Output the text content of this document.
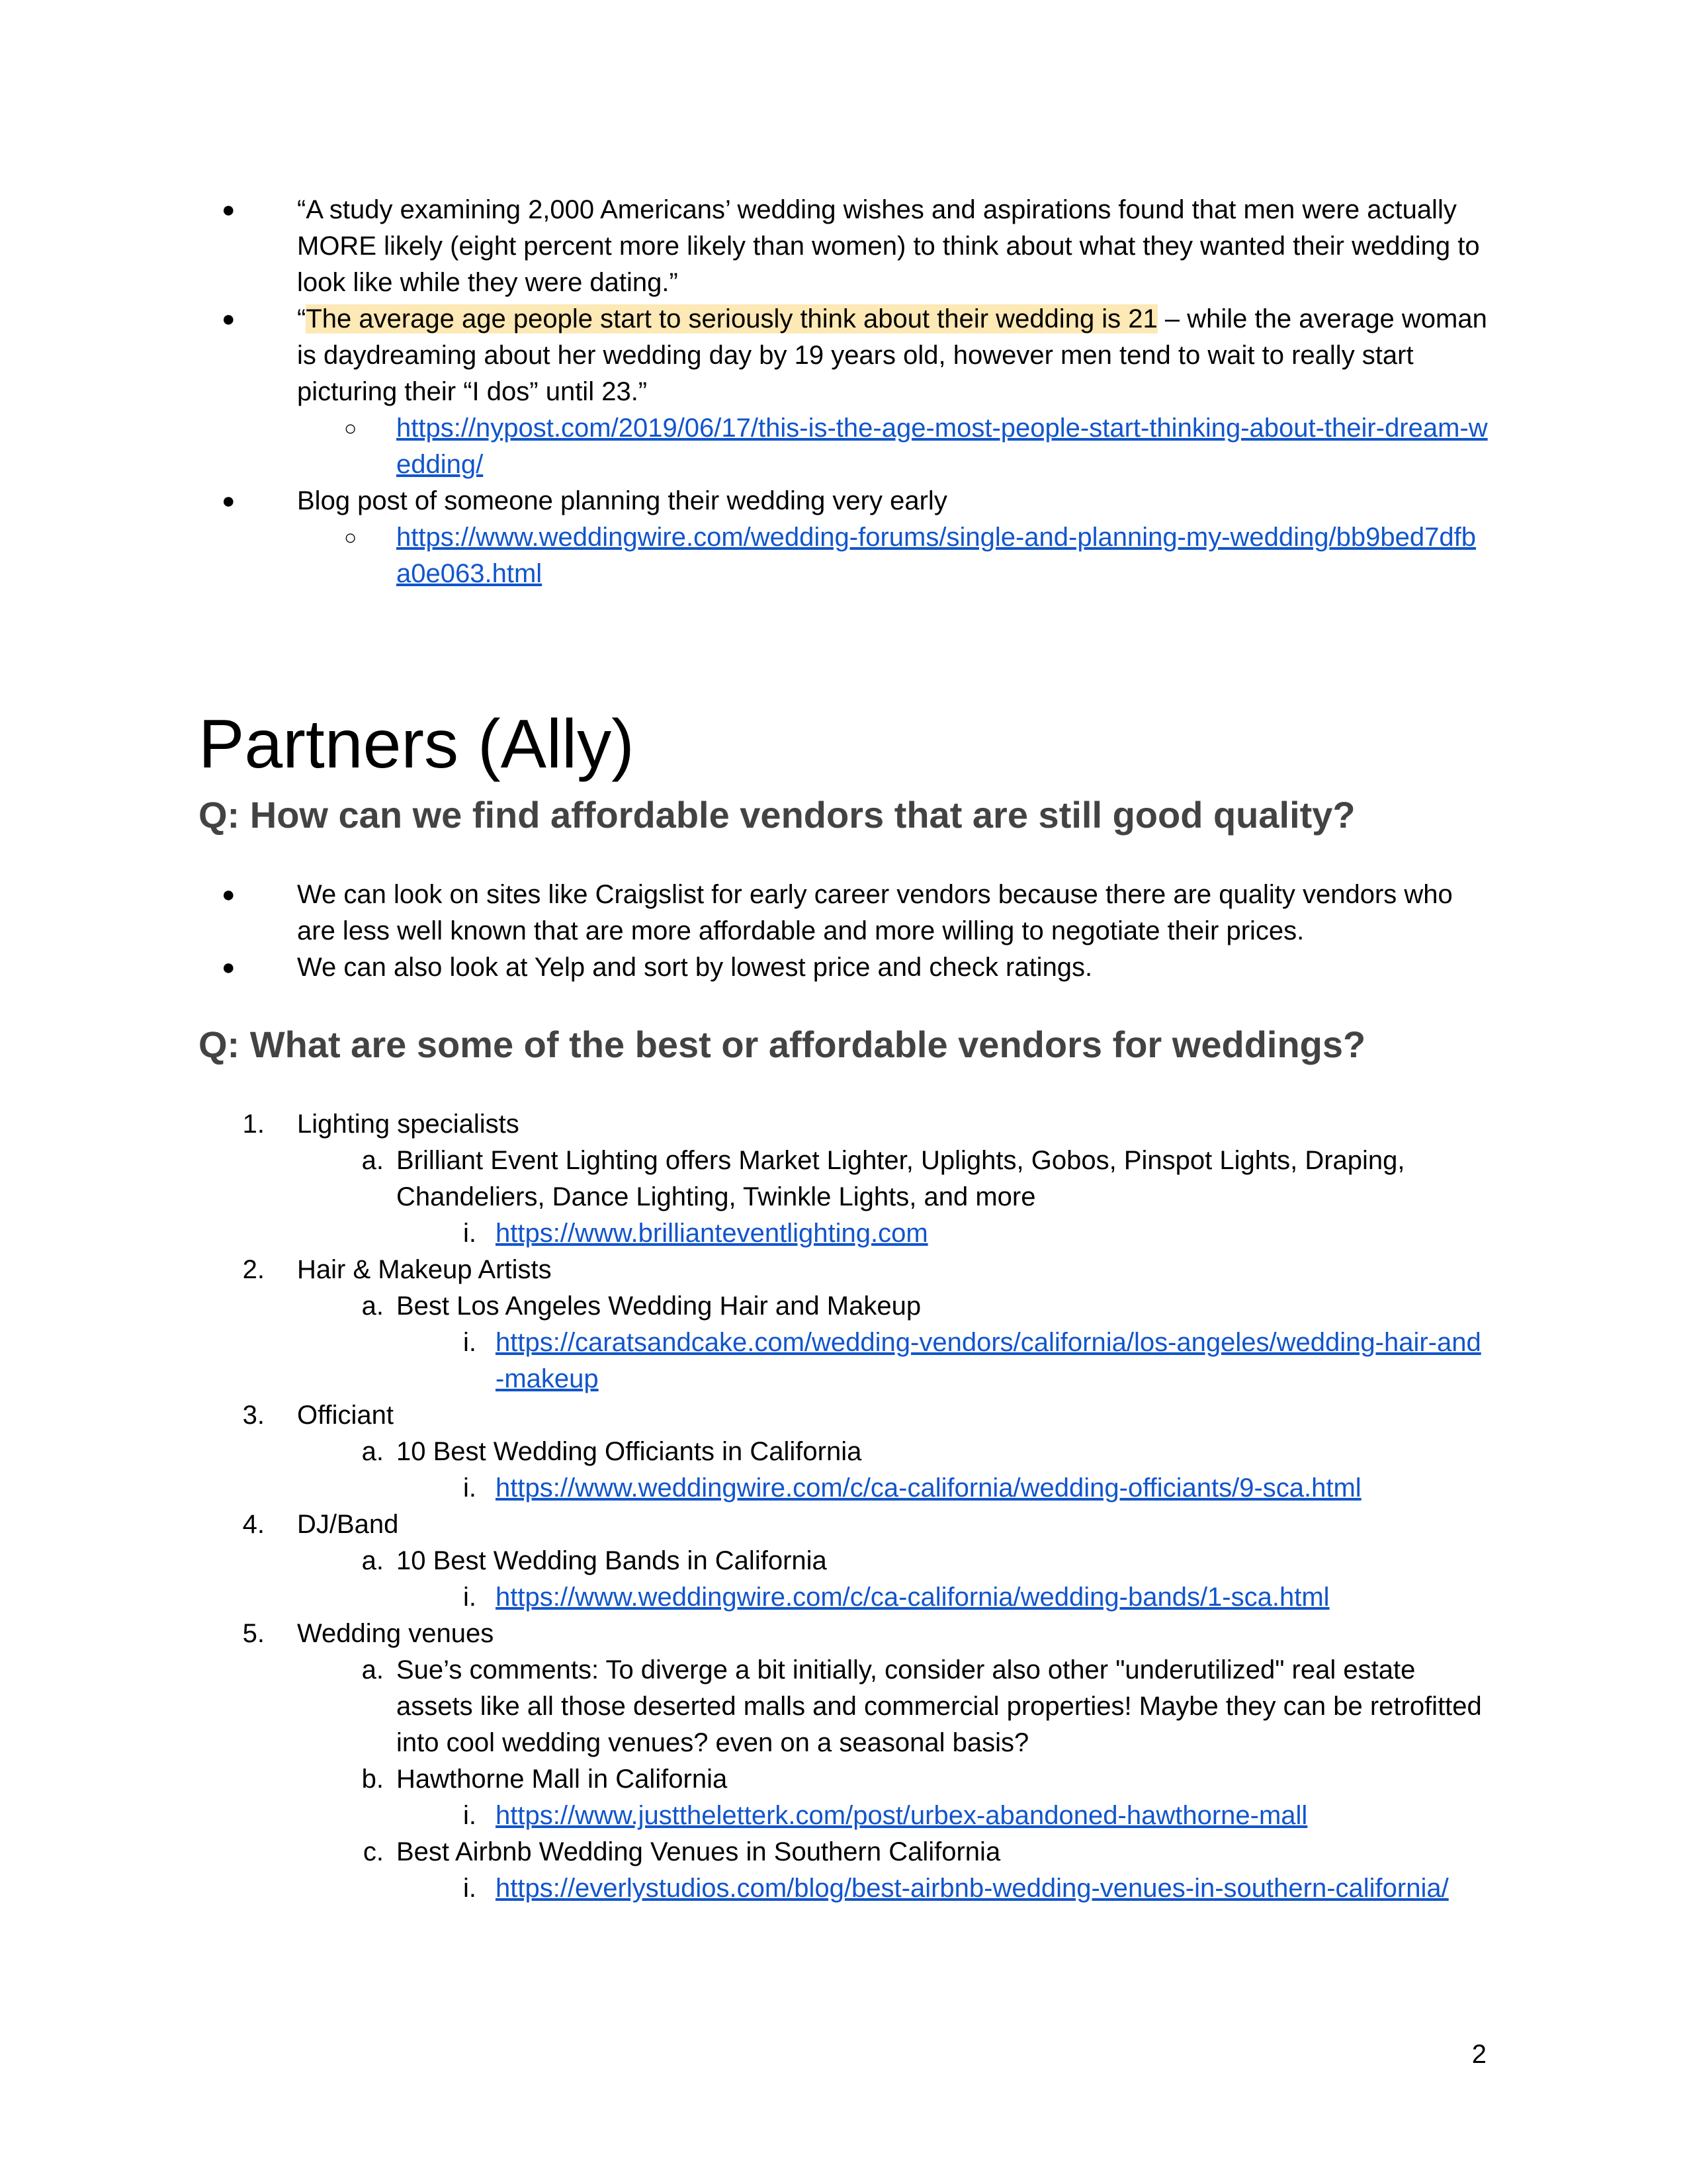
●	“A study examining 2,000 Americans’ wedding wishes and aspirations found that men were actually MORE likely (eight percent more likely than women) to think about what they wanted their wedding to look like while they were dating.”
●	“The average age people start to seriously think about their wedding is 21 – while the average woman is daydreaming about her wedding day by 19 years old, however men tend to wait to really start picturing their “I dos” until 23.”
○	https://nypost.com/2019/06/17/this-is-the-age-most-people-start-thinking-about-their-dream-wedding/
●	Blog post of someone planning their wedding very early
○	https://www.weddingwire.com/wedding-forums/single-and-planning-my-wedding/bb9bed7dfba0e063.html
Partners (Ally)
Q: How can we find affordable vendors that are still good quality?
●	We can look on sites like Craigslist for early career vendors because there are quality vendors who are less well known that are more affordable and more willing to negotiate their prices.
●	We can also look at Yelp and sort by lowest price and check ratings.
Q: What are some of the best or affordable vendors for weddings?
1. Lighting specialists
a. Brilliant Event Lighting offers Market Lighter, Uplights, Gobos, Pinspot Lights, Draping, Chandeliers, Dance Lighting, Twinkle Lights, and more
i. https://www.brillianteventlighting.com
2. Hair & Makeup Artists
a. Best Los Angeles Wedding Hair and Makeup
i. https://caratsandcake.com/wedding-vendors/california/los-angeles/wedding-hair-and-makeup
3. Officiant
a. 10 Best Wedding Officiants in California
i. https://www.weddingwire.com/c/ca-california/wedding-officiants/9-sca.html
4. DJ/Band
a. 10 Best Wedding Bands in California
i. https://www.weddingwire.com/c/ca-california/wedding-bands/1-sca.html
5. Wedding venues
a. Sue’s comments: To diverge a bit initially, consider also other "underutilized" real estate assets like all those deserted malls and commercial properties! Maybe they can be retrofitted into cool wedding venues? even on a seasonal basis?
b. Hawthorne Mall in California
i. https://www.justtheletterk.com/post/urbex-abandoned-hawthorne-mall
c. Best Airbnb Wedding Venues in Southern California
i. https://everlystudios.com/blog/best-airbnb-wedding-venues-in-southern-california/
2
